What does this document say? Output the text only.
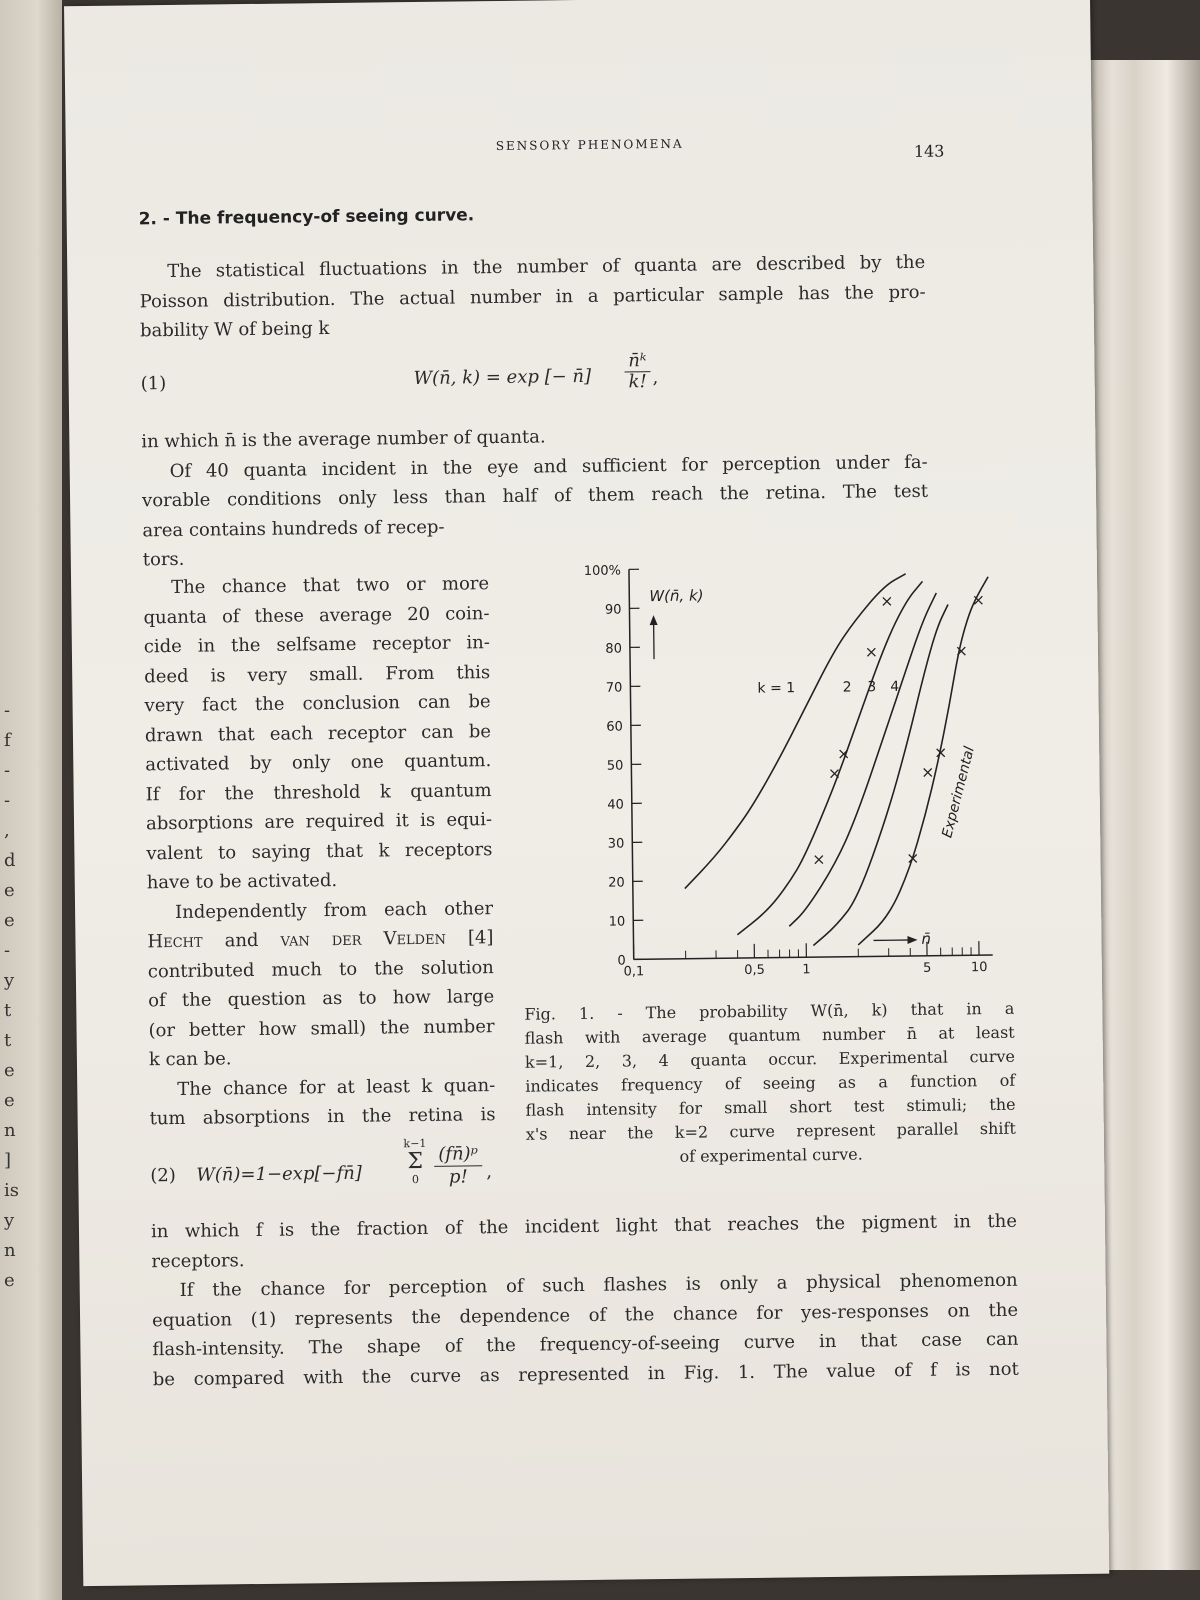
-
f
-
-
,
d
e
e
-
y
t
t
e
e
n
]
is
y
n
e
SENSORY PHENOMENA	143
2. - The frequency-of seeing curve.
The statistical fluctuations in the number of quanta are described by the
Poisson distribution. The actual number in a particular sample has the pro-
bability W of being k
(1)	W(n̄, k) = exp [− n̄] $\frac{\text{n̄ᵏ}}{k!}$ ,
in which n̄ is the average number of quanta.
Of 40 quanta incident in the eye and sufficient for perception under fa-
vorable conditions only less than half of them reach the retina. The test
area contains hundreds of recep-
tors.
The chance that two or more
quanta of these average 20 coin-
cide in the selfsame receptor in-
deed is very small. From this
very fact the conclusion can be
drawn that each receptor can be
activated by only one quantum.
If for the threshold k quantum
absorptions are required it is equi-
valent to saying that k receptors
have to be activated.
Independently from each other
Hecht and van der Velden [4]
contributed much to the solution
of the question as to how large
(or better how small) the number
k can be.
The chance for at least k quan-
tum absorptions in the retina is
(2) W(n̄)=1−exp[−fn̄]
k−1
Σ
$0 \frac{\text{(fn̄)ᵖ}}{p!}$ ,
0
10
20
30
40
50
60
70
80
90
100%
0,1	0,5	1	5	10
W(n̄, k)
n̄
k = 1	2 3 4
Experimental
Fig. 1. - The probability W(n̄, k) that in a
flash with average quantum number n̄ at least
k=1, 2, 3, 4 quanta occur. Experimental curve
indicates frequency of seeing as a function of
flash intensity for small short test stimuli; the
x's near the k=2 curve represent parallel shift
of experimental curve.
in which f is the fraction of the incident light that reaches the pigment in the
receptors.
If the chance for perception of such flashes is only a physical phenomenon
equation (1) represents the dependence of the chance for yes-responses on the
flash-intensity. The shape of the frequency-of-seeing curve in that case can
be compared with the curve as represented in Fig. 1. The value of f is not
